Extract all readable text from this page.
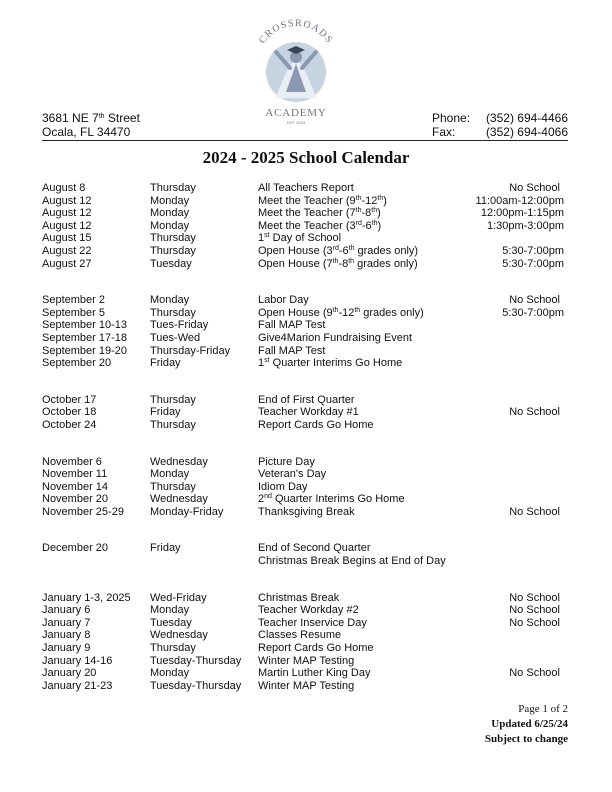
CROSSROADS
ACADEMY
EST. 2003
3681 NE 7th Street
Ocala, FL 34470
Phone:	(352) 694-4466
Fax:	(352) 694-4066
2024 - 2025 School Calendar
August 8	Thursday	All Teachers Report	No School
August 12	Monday	Meet the Teacher (9th-12th)	11:00am-12:00pm
August 12	Monday	Meet the Teacher (7th-8th)	12:00pm-1:15pm
August 12	Monday	Meet the Teacher (3rd-6th)	1:30pm-3:00pm
August 15	Thursday	1st Day of School
August 22	Thursday	Open House (3rd-6th grades only)	5:30-7:00pm
August 27	Tuesday	Open House (7th-8th grades only)	5:30-7:00pm
September 2	Monday	Labor Day	No School
September 5	Thursday	Open House (9th-12th grades only)	5:30-7:00pm
September 10-13	Tues-Friday	Fall MAP Test
September 17-18	Tues-Wed	Give4Marion Fundraising Event
September 19-20	Thursday-Friday	Fall MAP Test
September 20	Friday	1st Quarter Interims Go Home
October 17	Thursday	End of First Quarter
October 18	Friday	Teacher Workday #1	No School
October 24	Thursday	Report Cards Go Home
November 6	Wednesday	Picture Day
November 11	Monday	Veteran's Day
November 14	Thursday	Idiom Day
November 20	Wednesday	2nd Quarter Interims Go Home
November 25-29	Monday-Friday	Thanksgiving Break	No School
December 20	Friday	End of Second Quarter
Christmas Break Begins at End of Day
January 1-3, 2025	Wed-Friday	Christmas Break	No School
January 6	Monday	Teacher Workday #2	No School
January 7	Tuesday	Teacher Inservice Day	No School
January 8	Wednesday	Classes Resume
January 9	Thursday	Report Cards Go Home
January 14-16	Tuesday-Thursday	Winter MAP Testing
January 20	Monday	Martin Luther King Day	No School
January 21-23	Tuesday-Thursday	Winter MAP Testing
Page 1 of 2
Updated 6/25/24
Subject to change
